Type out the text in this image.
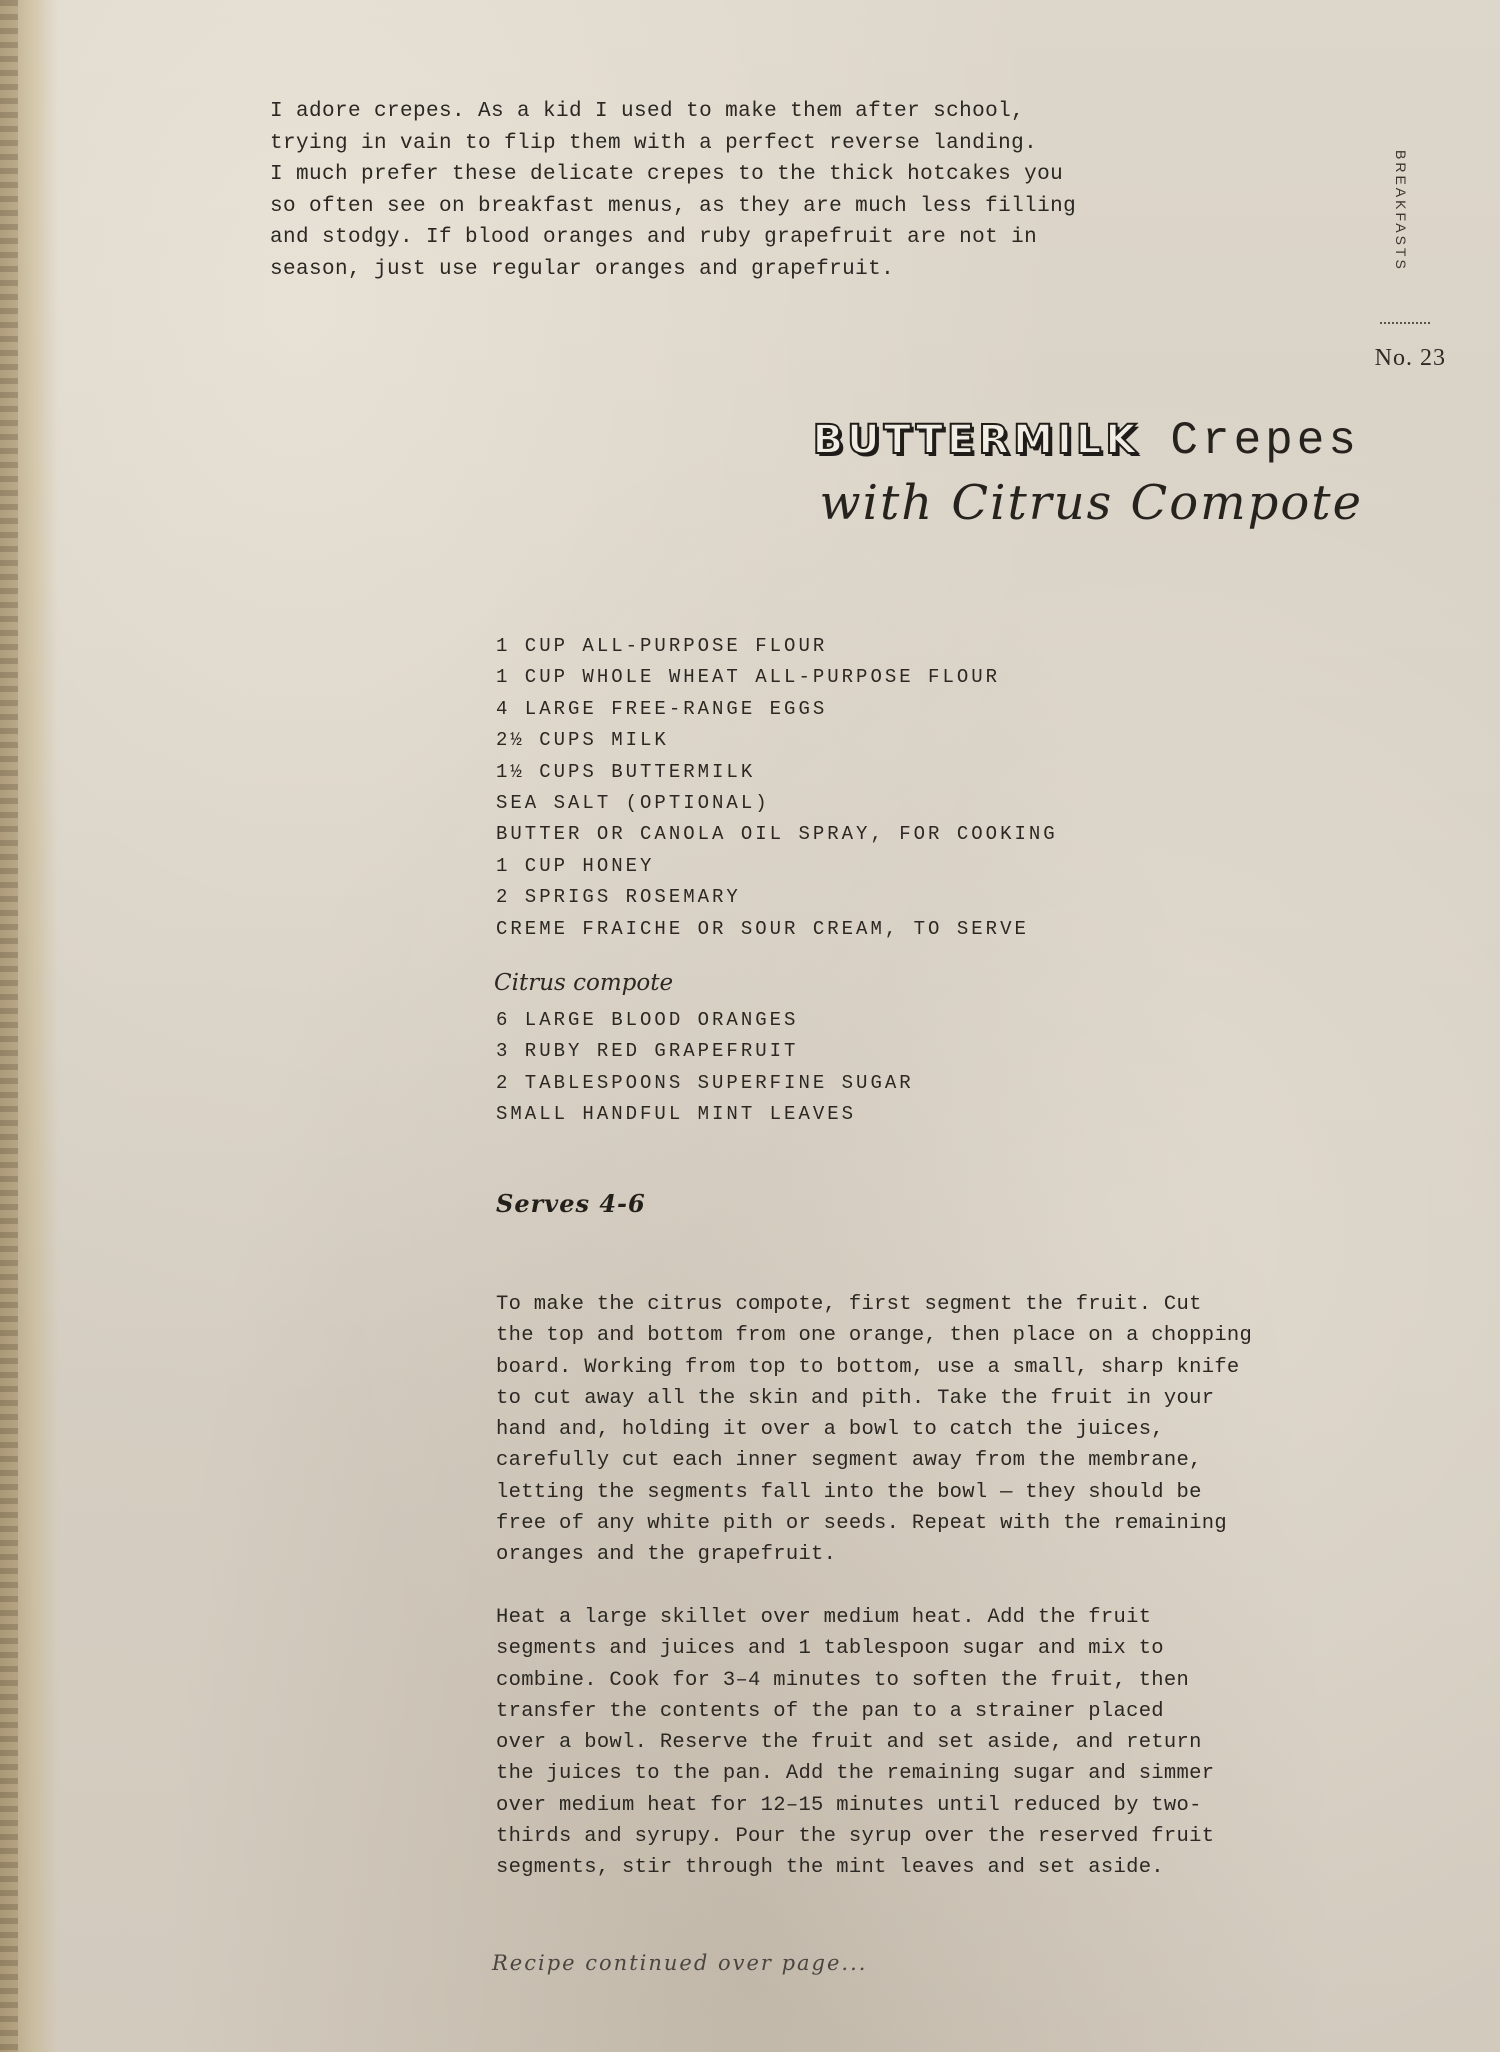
I adore crepes. As a kid I used to make them after school,
trying in vain to flip them with a perfect reverse landing.
I much prefer these delicate crepes to the thick hotcakes you
so often see on breakfast menus, as they are much less filling
and stodgy. If blood oranges and ruby grapefruit are not in
season, just use regular oranges and grapefruit.	BREAKFASTS
No. 23
BUTTERMILK Crepes
with Citrus Compote
1 CUP ALL-PURPOSE FLOUR
1 CUP WHOLE WHEAT ALL-PURPOSE FLOUR
4 LARGE FREE-RANGE EGGS
2½ CUPS MILK
1½ CUPS BUTTERMILK
SEA SALT (OPTIONAL)
BUTTER OR CANOLA OIL SPRAY, FOR COOKING
1 CUP HONEY
2 SPRIGS ROSEMARY
CREME FRAICHE OR SOUR CREAM, TO SERVE
Citrus compote
6 LARGE BLOOD ORANGES
3 RUBY RED GRAPEFRUIT
2 TABLESPOONS SUPERFINE SUGAR
SMALL HANDFUL MINT LEAVES
Serves 4-6

To make the citrus compote, first segment the fruit. Cut
the top and bottom from one orange, then place on a chopping
board. Working from top to bottom, use a small, sharp knife
to cut away all the skin and pith. Take the fruit in your
hand and, holding it over a bowl to catch the juices,
carefully cut each inner segment away from the membrane,
letting the segments fall into the bowl — they should be
free of any white pith or seeds. Repeat with the remaining
oranges and the grapefruit.

Heat a large skillet over medium heat. Add the fruit
segments and juices and 1 tablespoon sugar and mix to
combine. Cook for 3–4 minutes to soften the fruit, then
transfer the contents of the pan to a strainer placed
over a bowl. Reserve the fruit and set aside, and return
the juices to the pan. Add the remaining sugar and simmer
over medium heat for 12–15 minutes until reduced by two-
thirds and syrupy. Pour the syrup over the reserved fruit
segments, stir through the mint leaves and set aside.

Recipe continued over page...
